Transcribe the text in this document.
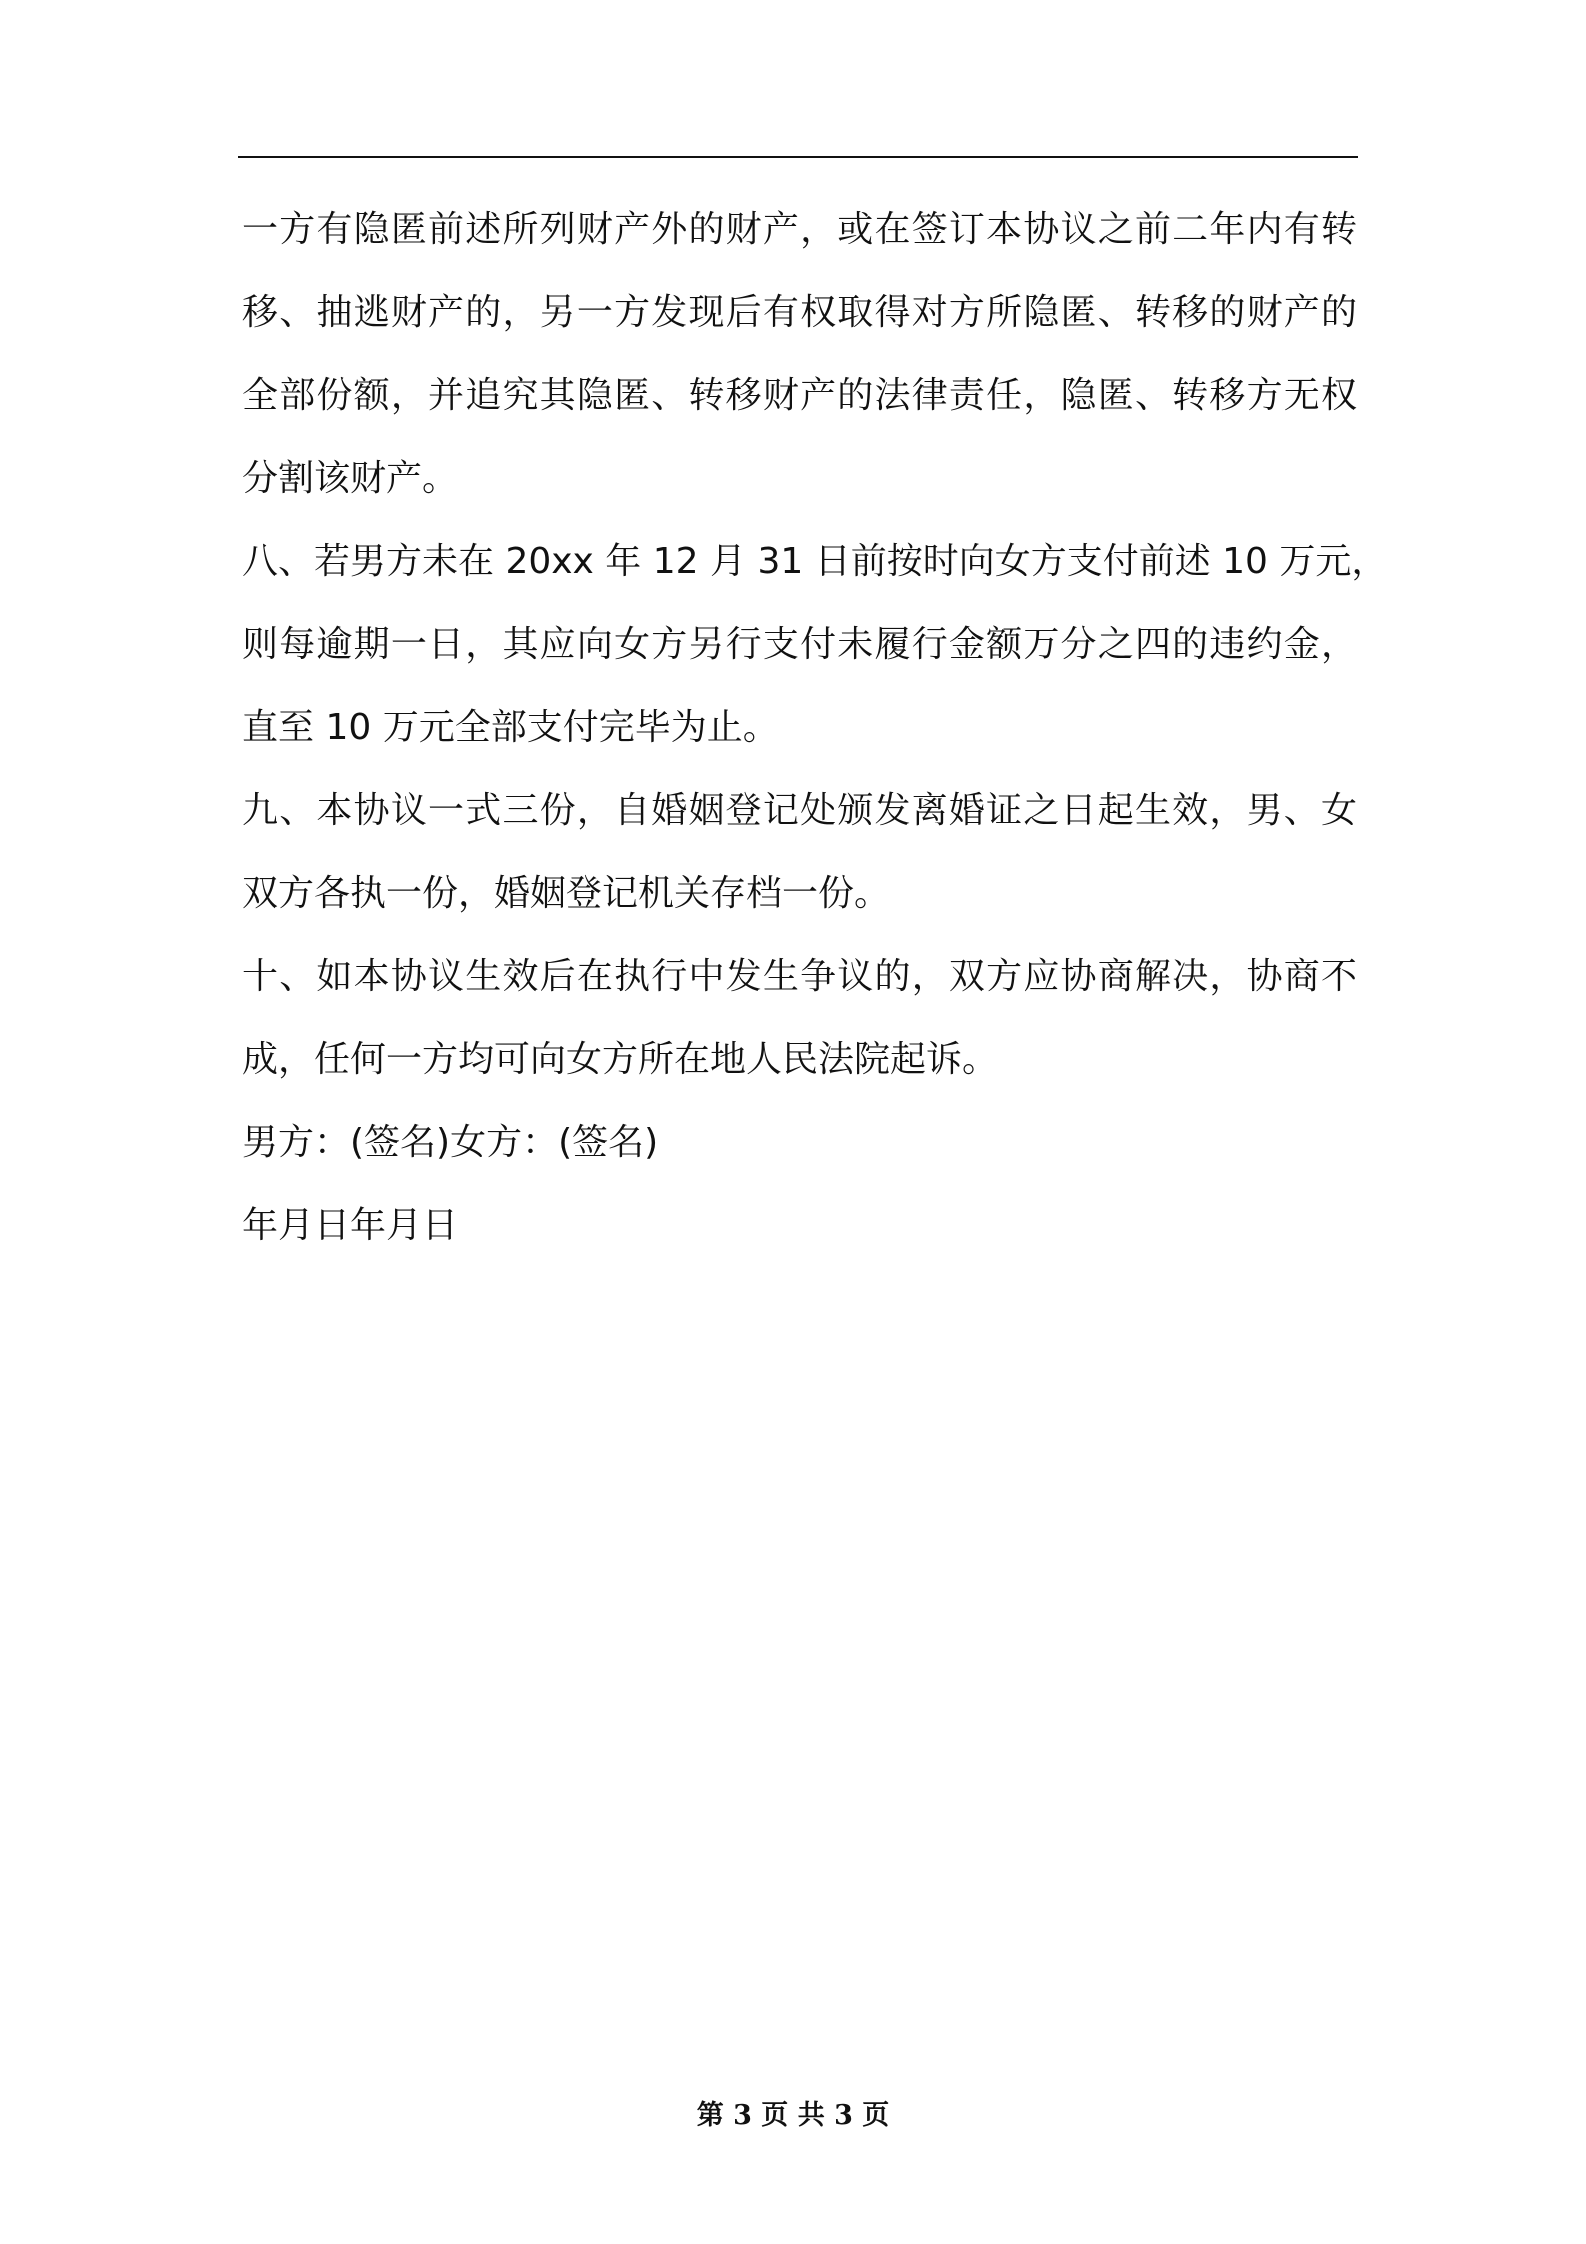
一方有隐匿前述所列财产外的财产，或在签订本协议之前二年内有转
移、抽逃财产的，另一方发现后有权取得对方所隐匿、转移的财产的
全部份额，并追究其隐匿、转移财产的法律责任，隐匿、转移方无权
分割该财产。
八、若男方未在 20xx 年 12 月 31 日前按时向女方支付前述 10 万元，
则每逾期一日，其应向女方另行支付未履行金额万分之四的违约金，
直至 10 万元全部支付完毕为止。
九、本协议一式三份，自婚姻登记处颁发离婚证之日起生效，男、女
双方各执一份，婚姻登记机关存档一份。
十、如本协议生效后在执行中发生争议的，双方应协商解决，协商不
成，任何一方均可向女方所在地人民法院起诉。
男方：(签名)女方：(签名)
年月日年月日
第 3 页 共 3 页
